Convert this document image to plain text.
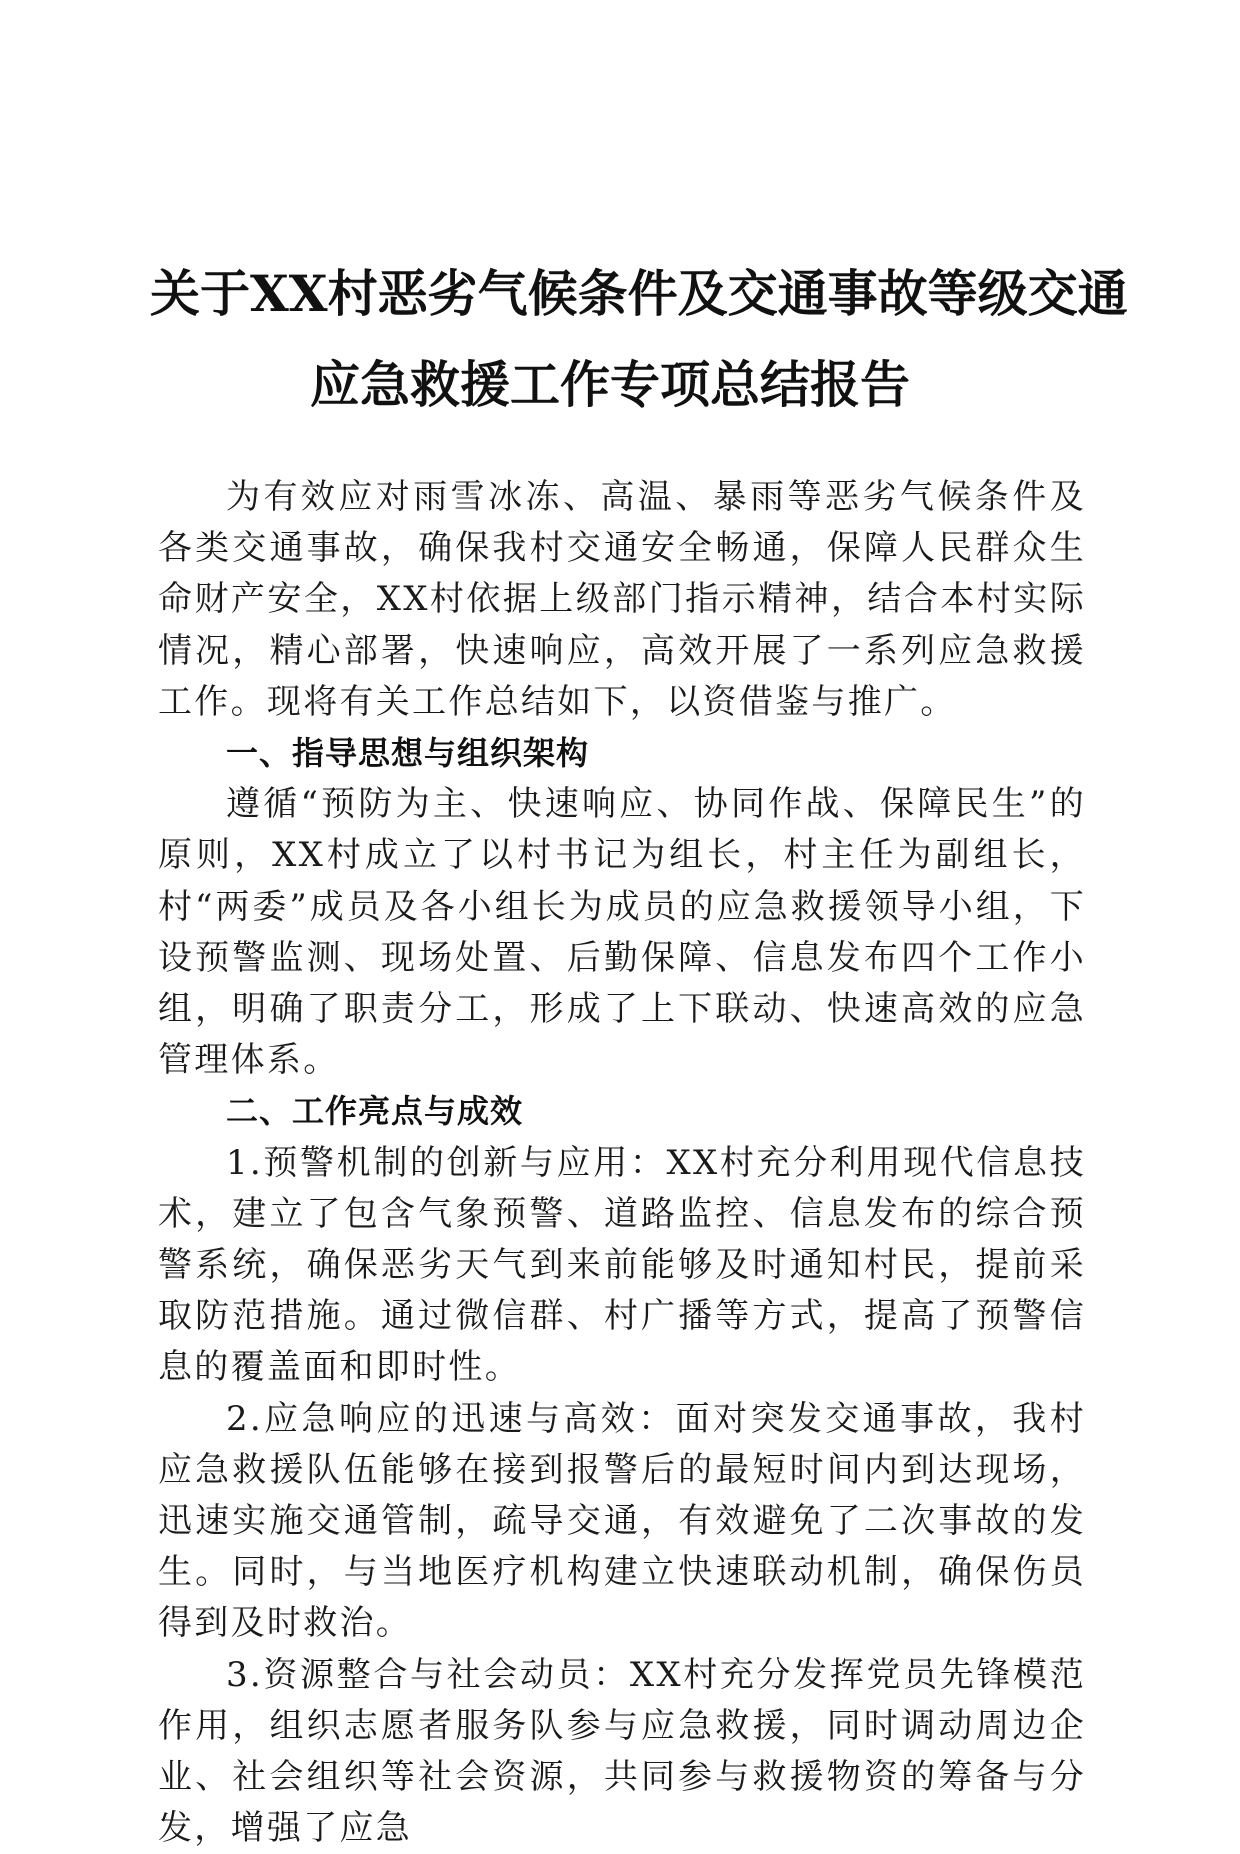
关于XX村恶劣气候条件及交通事故等级交通
应急救援工作专项总结报告

为有效应对雨雪冰冻、高温、暴雨等恶劣气候条件及各类交通事故，确保我村交通安全畅通，保障人民群众生命财产安全，XX村依据上级部门指示精神，结合本村实际情况，精心部署，快速响应，高效开展了一系列应急救援工作。现将有关工作总结如下，以资借鉴与推广。

一、指导思想与组织架构

遵循“预防为主、快速响应、协同作战、保障民生”的原则，XX村成立了以村书记为组长，村主任为副组长，村“两委”成员及各小组长为成员的应急救援领导小组，下设预警监测、现场处置、后勤保障、信息发布四个工作小组，明确了职责分工，形成了上下联动、快速高效的应急管理体系。

二、工作亮点与成效

1.预警机制的创新与应用：XX村充分利用现代信息技术，建立了包含气象预警、道路监控、信息发布的综合预警系统，确保恶劣天气到来前能够及时通知村民，提前采取防范措施。通过微信群、村广播等方式，提高了预警信息的覆盖面和即时性。

2.应急响应的迅速与高效：面对突发交通事故，我村应急救援队伍能够在接到报警后的最短时间内到达现场，迅速实施交通管制，疏导交通，有效避免了二次事故的发生。同时，与当地医疗机构建立快速联动机制，确保伤员得到及时救治。

3.资源整合与社会动员：XX村充分发挥党员先锋模范作用，组织志愿者服务队参与应急救援，同时调动周边企业、社会组织等社会资源，共同参与救援物资的筹备与分发，增强了应急
